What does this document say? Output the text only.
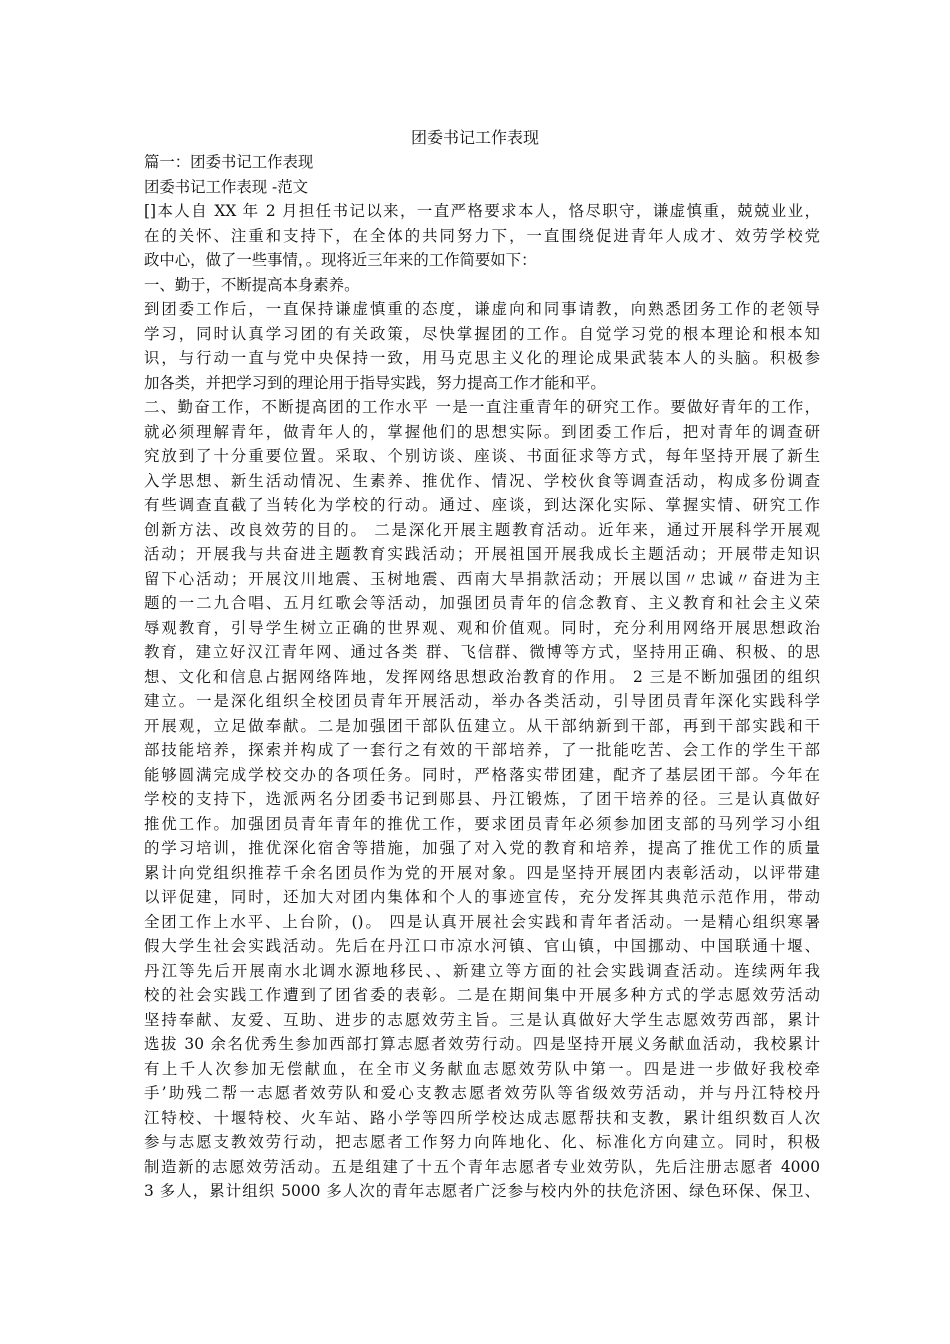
团委书记工作表现
篇一：团委书记工作表现
团委书记工作表现 -范文
[]本人自 XX 年 2 月担任书记以来，一直严格要求本人，恪尽职守，谦虚慎重，兢兢业业，
在的关怀、注重和支持下，在全体的共同努力下，一直围绕促进青年人成才、效劳学校党
政中心，做了一些事情，。现将近三年来的工作简要如下：
一、勤于，不断提高本身素养。
到团委工作后，一直保持谦虚慎重的态度，谦虚向和同事请教，向熟悉团务工作的老领导
学习，同时认真学习团的有关政策，尽快掌握团的工作。自觉学习党的根本理论和根本知
识，与行动一直与党中央保持一致，用马克思主义化的理论成果武装本人的头脑。积极参
加各类，并把学习到的理论用于指导实践，努力提高工作才能和平。
二、勤奋工作，不断提高团的工作水平 一是一直注重青年的研究工作。要做好青年的工作，
就必须理解青年，做青年人的，掌握他们的思想实际。到团委工作后，把对青年的调查研
究放到了十分重要位置。采取、个别访谈、座谈、书面征求等方式，每年坚持开展了新生
入学思想、新生活动情况、生素养、推优作、情况、学校伙食等调查活动，构成多份调查
有些调查直截了当转化为学校的行动。通过、座谈，到达深化实际、掌握实情、研究工作
创新方法、改良效劳的目的。 二是深化开展主题教育活动。近年来，通过开展科学开展观
活动；开展我与共奋进主题教育实践活动；开展祖国开展我成长主题活动；开展带走知识
留下心活动；开展汶川地震、玉树地震、西南大旱捐款活动；开展以国〃忠诚〃奋进为主
题的一二九合唱、五月红歌会等活动，加强团员青年的信念教育、主义教育和社会主义荣
辱观教育，引导学生树立正确的世界观、观和价值观。同时，充分利用网络开展思想政治
教育，建立好汉江青年网、通过各类 群、飞信群、微博等方式，坚持用正确、积极、的思
想、文化和信息占据网络阵地，发挥网络思想政治教育的作用。 2 三是不断加强团的组织
建立。一是深化组织全校团员青年开展活动，举办各类活动，引导团员青年深化实践科学
开展观，立足做奉献。二是加强团干部队伍建立。从干部纳新到干部，再到干部实践和干
部技能培养，探索并构成了一套行之有效的干部培养，了一批能吃苦、会工作的学生干部
能够圆满完成学校交办的各项任务。同时，严格落实带团建，配齐了基层团干部。今年在
学校的支持下，选派两名分团委书记到郧县、丹江锻炼，了团干培养的径。三是认真做好
推优工作。加强团员青年青年的推优工作，要求团员青年必须参加团支部的马列学习小组
的学习培训，推优深化宿舍等措施，加强了对入党的教育和培养，提高了推优工作的质量
累计向党组织推荐千余名团员作为党的开展对象。四是坚持开展团内表彰活动，以评带建
以评促建，同时，还加大对团内集体和个人的事迹宣传，充分发挥其典范示范作用，带动
全团工作上水平、上台阶，()。 四是认真开展社会实践和青年者活动。一是精心组织寒暑
假大学生社会实践活动。先后在丹江口市凉水河镇、官山镇，中国挪动、中国联通十堰、
丹江等先后开展南水北调水源地移民、、新建立等方面的社会实践调查活动。连续两年我
校的社会实践工作遭到了团省委的表彰。二是在期间集中开展多种方式的学志愿效劳活动
坚持奉献、友爱、互助、进步的志愿效劳主旨。三是认真做好大学生志愿效劳西部，累计
选拔 30 余名优秀生参加西部打算志愿者效劳行动。四是坚持开展义务献血活动，我校累计
有上千人次参加无偿献血，在全市义务献血志愿效劳队中第一。四是进一步做好我校牵
手’助残二帮一志愿者效劳队和爱心支教志愿者效劳队等省级效劳活动，并与丹江特校丹
江特校、十堰特校、火车站、路小学等四所学校达成志愿帮扶和支教，累计组织数百人次
参与志愿支教效劳行动，把志愿者工作努力向阵地化、化、标准化方向建立。同时，积极
制造新的志愿效劳活动。五是组建了十五个青年志愿者专业效劳队，先后注册志愿者 4000
3 多人，累计组织 5000 多人次的青年志愿者广泛参与校内外的扶危济困、绿色环保、保卫、
